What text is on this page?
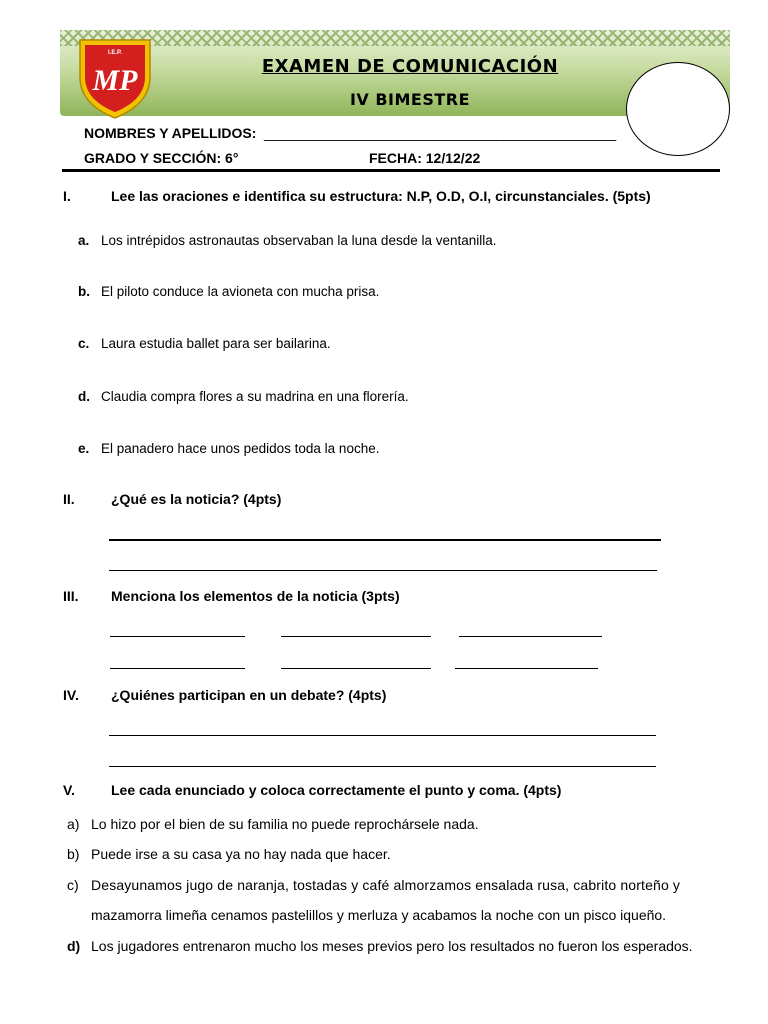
I.E.P.
MP	EXAMEN DE COMUNICACIÓN
IV BIMESTRE
NOMBRES Y APELLIDOS: _______________________________________________
GRADO Y SECCIÓN: 6°	FECHA: 12/12/22
I.	Lee las oraciones e identifica su estructura: N.P, O.D, O.I, circunstanciales. (5pts)
a. Los intrépidos astronautas observaban la luna desde la ventanilla.
b. El piloto conduce la avioneta con mucha prisa.
c. Laura estudia ballet para ser bailarina.
d. Claudia compra flores a su madrina en una florería.
e. El panadero hace unos pedidos toda la noche.
II.	¿Qué es la noticia? (4pts)
III. Menciona los elementos de la noticia (3pts)
IV. ¿Quiénes participan en un debate? (4pts)
V.	Lee cada enunciado y coloca correctamente el punto y coma. (4pts)
a) Lo hizo por el bien de su familia no puede reprochársele nada.
b) Puede irse a su casa ya no hay nada que hacer.
c) Desayunamos jugo de naranja, tostadas y café almorzamos ensalada rusa, cabrito norteño y
mazamorra limeña cenamos pastelillos y merluza y acabamos la noche con un pisco iqueño.
d) Los jugadores entrenaron mucho los meses previos pero los resultados no fueron los esperados.
